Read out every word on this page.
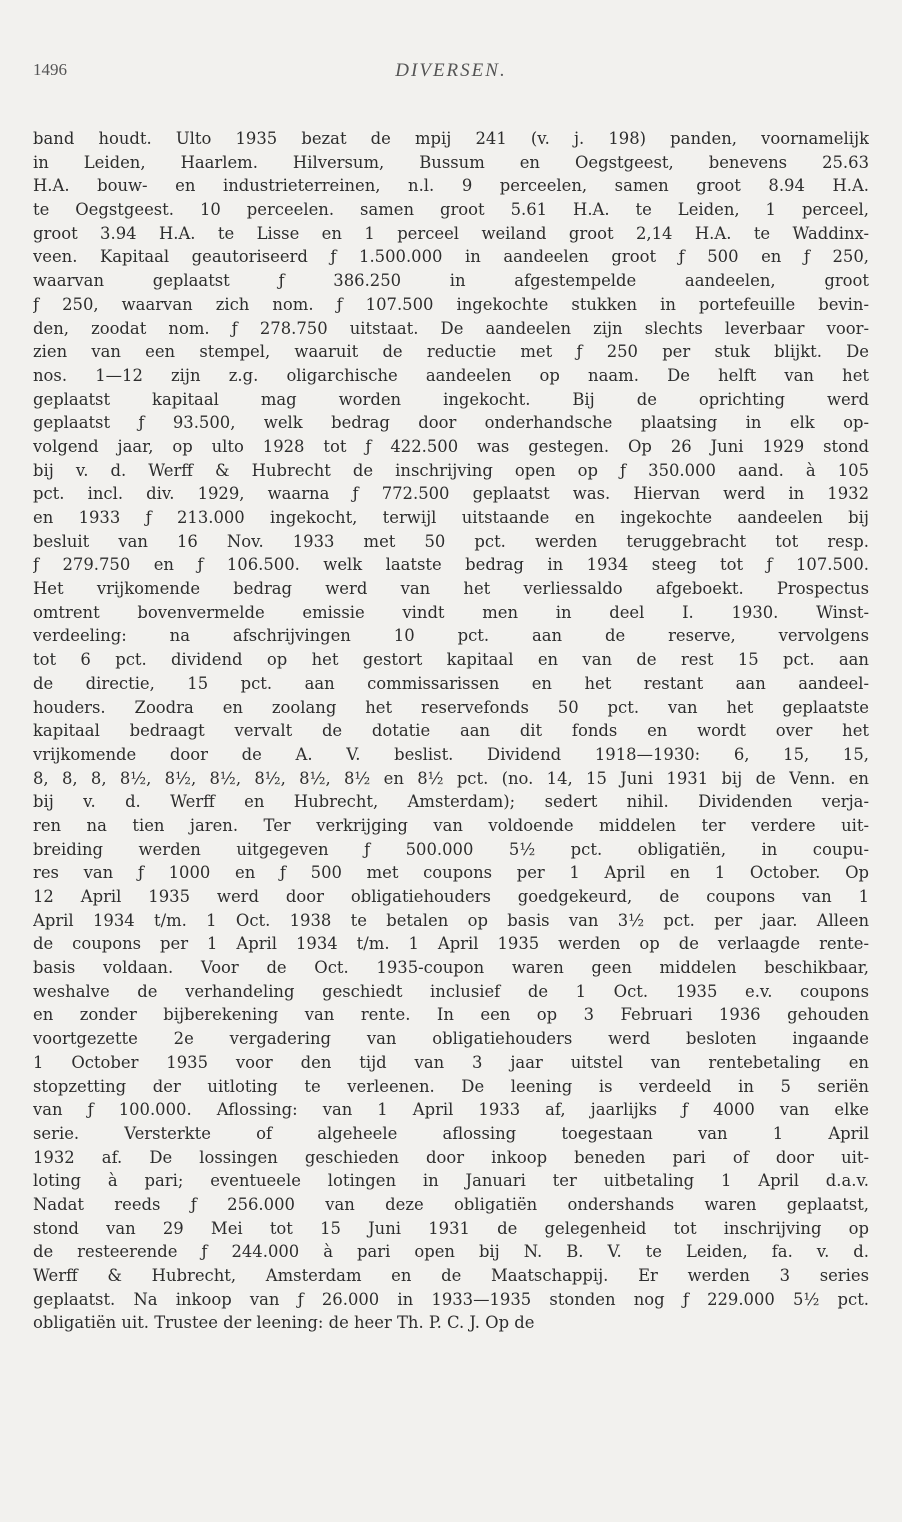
1496	DIVERSEN.
band houdt. Ulto 1935 bezat de mpij 241 (v. j. 198) panden, voornamelijk
in Leiden, Haarlem. Hilversum, Bussum en Oegstgeest, benevens 25.63
H.A. bouw- en industrieterreinen, n.l. 9 perceelen, samen groot 8.94 H.A.
te Oegstgeest. 10 perceelen. samen groot 5.61 H.A. te Leiden, 1 perceel,
groot 3.94 H.A. te Lisse en 1 perceel weiland groot 2,14 H.A. te Waddinx-
veen. Kapitaal geautoriseerd ƒ 1.500.000 in aandeelen groot ƒ 500 en ƒ 250,
waarvan geplaatst ƒ 386.250 in afgestempelde aandeelen, groot
ƒ 250, waarvan zich nom. ƒ 107.500 ingekochte stukken in portefeuille bevin-
den, zoodat nom. ƒ 278.750 uitstaat. De aandeelen zijn slechts leverbaar voor-
zien van een stempel, waaruit de reductie met ƒ 250 per stuk blijkt. De
nos. 1—12 zijn z.g. oligarchische aandeelen op naam. De helft van het
geplaatst kapitaal mag worden ingekocht. Bij de oprichting werd
geplaatst ƒ 93.500, welk bedrag door onderhandsche plaatsing in elk op-
volgend jaar, op ulto 1928 tot ƒ 422.500 was gestegen. Op 26 Juni 1929 stond
bij v. d. Werff & Hubrecht de inschrijving open op ƒ 350.000 aand. à 105
pct. incl. div. 1929, waarna ƒ 772.500 geplaatst was. Hiervan werd in 1932
en 1933 ƒ 213.000 ingekocht, terwijl uitstaande en ingekochte aandeelen bij
besluit van 16 Nov. 1933 met 50 pct. werden teruggebracht tot resp.
ƒ 279.750 en ƒ 106.500. welk laatste bedrag in 1934 steeg tot ƒ 107.500.
Het vrijkomende bedrag werd van het verliessaldo afgeboekt. Prospectus
omtrent bovenvermelde emissie vindt men in deel I. 1930. Winst-
verdeeling: na afschrijvingen 10 pct. aan de reserve, vervolgens
tot 6 pct. dividend op het gestort kapitaal en van de rest 15 pct. aan
de directie, 15 pct. aan commissarissen en het restant aan aandeel-
houders. Zoodra en zoolang het reservefonds 50 pct. van het geplaatste
kapitaal bedraagt vervalt de dotatie aan dit fonds en wordt over het
vrijkomende door de A. V. beslist. Dividend 1918—1930: 6, 15, 15,
8, 8, 8, 8½, 8½, 8½, 8½, 8½, 8½ en 8½ pct. (no. 14, 15 Juni 1931 bij de Venn. en
bij v. d. Werff en Hubrecht, Amsterdam); sedert nihil. Dividenden verja-
ren na tien jaren. Ter verkrijging van voldoende middelen ter verdere uit-
breiding werden uitgegeven ƒ 500.000 5½ pct. obligatiën, in coupu-
res van ƒ 1000 en ƒ 500 met coupons per 1 April en 1 October. Op
12 April 1935 werd door obligatiehouders goedgekeurd, de coupons van 1
April 1934 t/m. 1 Oct. 1938 te betalen op basis van 3½ pct. per jaar. Alleen
de coupons per 1 April 1934 t/m. 1 April 1935 werden op de verlaagde rente-
basis voldaan. Voor de Oct. 1935-coupon waren geen middelen beschikbaar,
weshalve de verhandeling geschiedt inclusief de 1 Oct. 1935 e.v. coupons
en zonder bijberekening van rente. In een op 3 Februari 1936 gehouden
voortgezette 2e vergadering van obligatiehouders werd besloten ingaande
1 October 1935 voor den tijd van 3 jaar uitstel van rentebetaling en
stopzetting der uitloting te verleenen. De leening is verdeeld in 5 seriën
van ƒ 100.000. Aflossing: van 1 April 1933 af, jaarlijks ƒ 4000 van elke
serie. Versterkte of algeheele aflossing toegestaan van 1 April
1932 af. De lossingen geschieden door inkoop beneden pari of door uit-
loting à pari; eventueele lotingen in Januari ter uitbetaling 1 April d.a.v.
Nadat reeds ƒ 256.000 van deze obligatiën ondershands waren geplaatst,
stond van 29 Mei tot 15 Juni 1931 de gelegenheid tot inschrijving op
de resteerende ƒ 244.000 à pari open bij N. B. V. te Leiden, fa. v. d.
Werff & Hubrecht, Amsterdam en de Maatschappij. Er werden 3 series
geplaatst. Na inkoop van ƒ 26.000 in 1933—1935 stonden nog ƒ 229.000 5½ pct.
obligatiën uit. Trustee der leening: de heer Th. P. C. J. Op de
